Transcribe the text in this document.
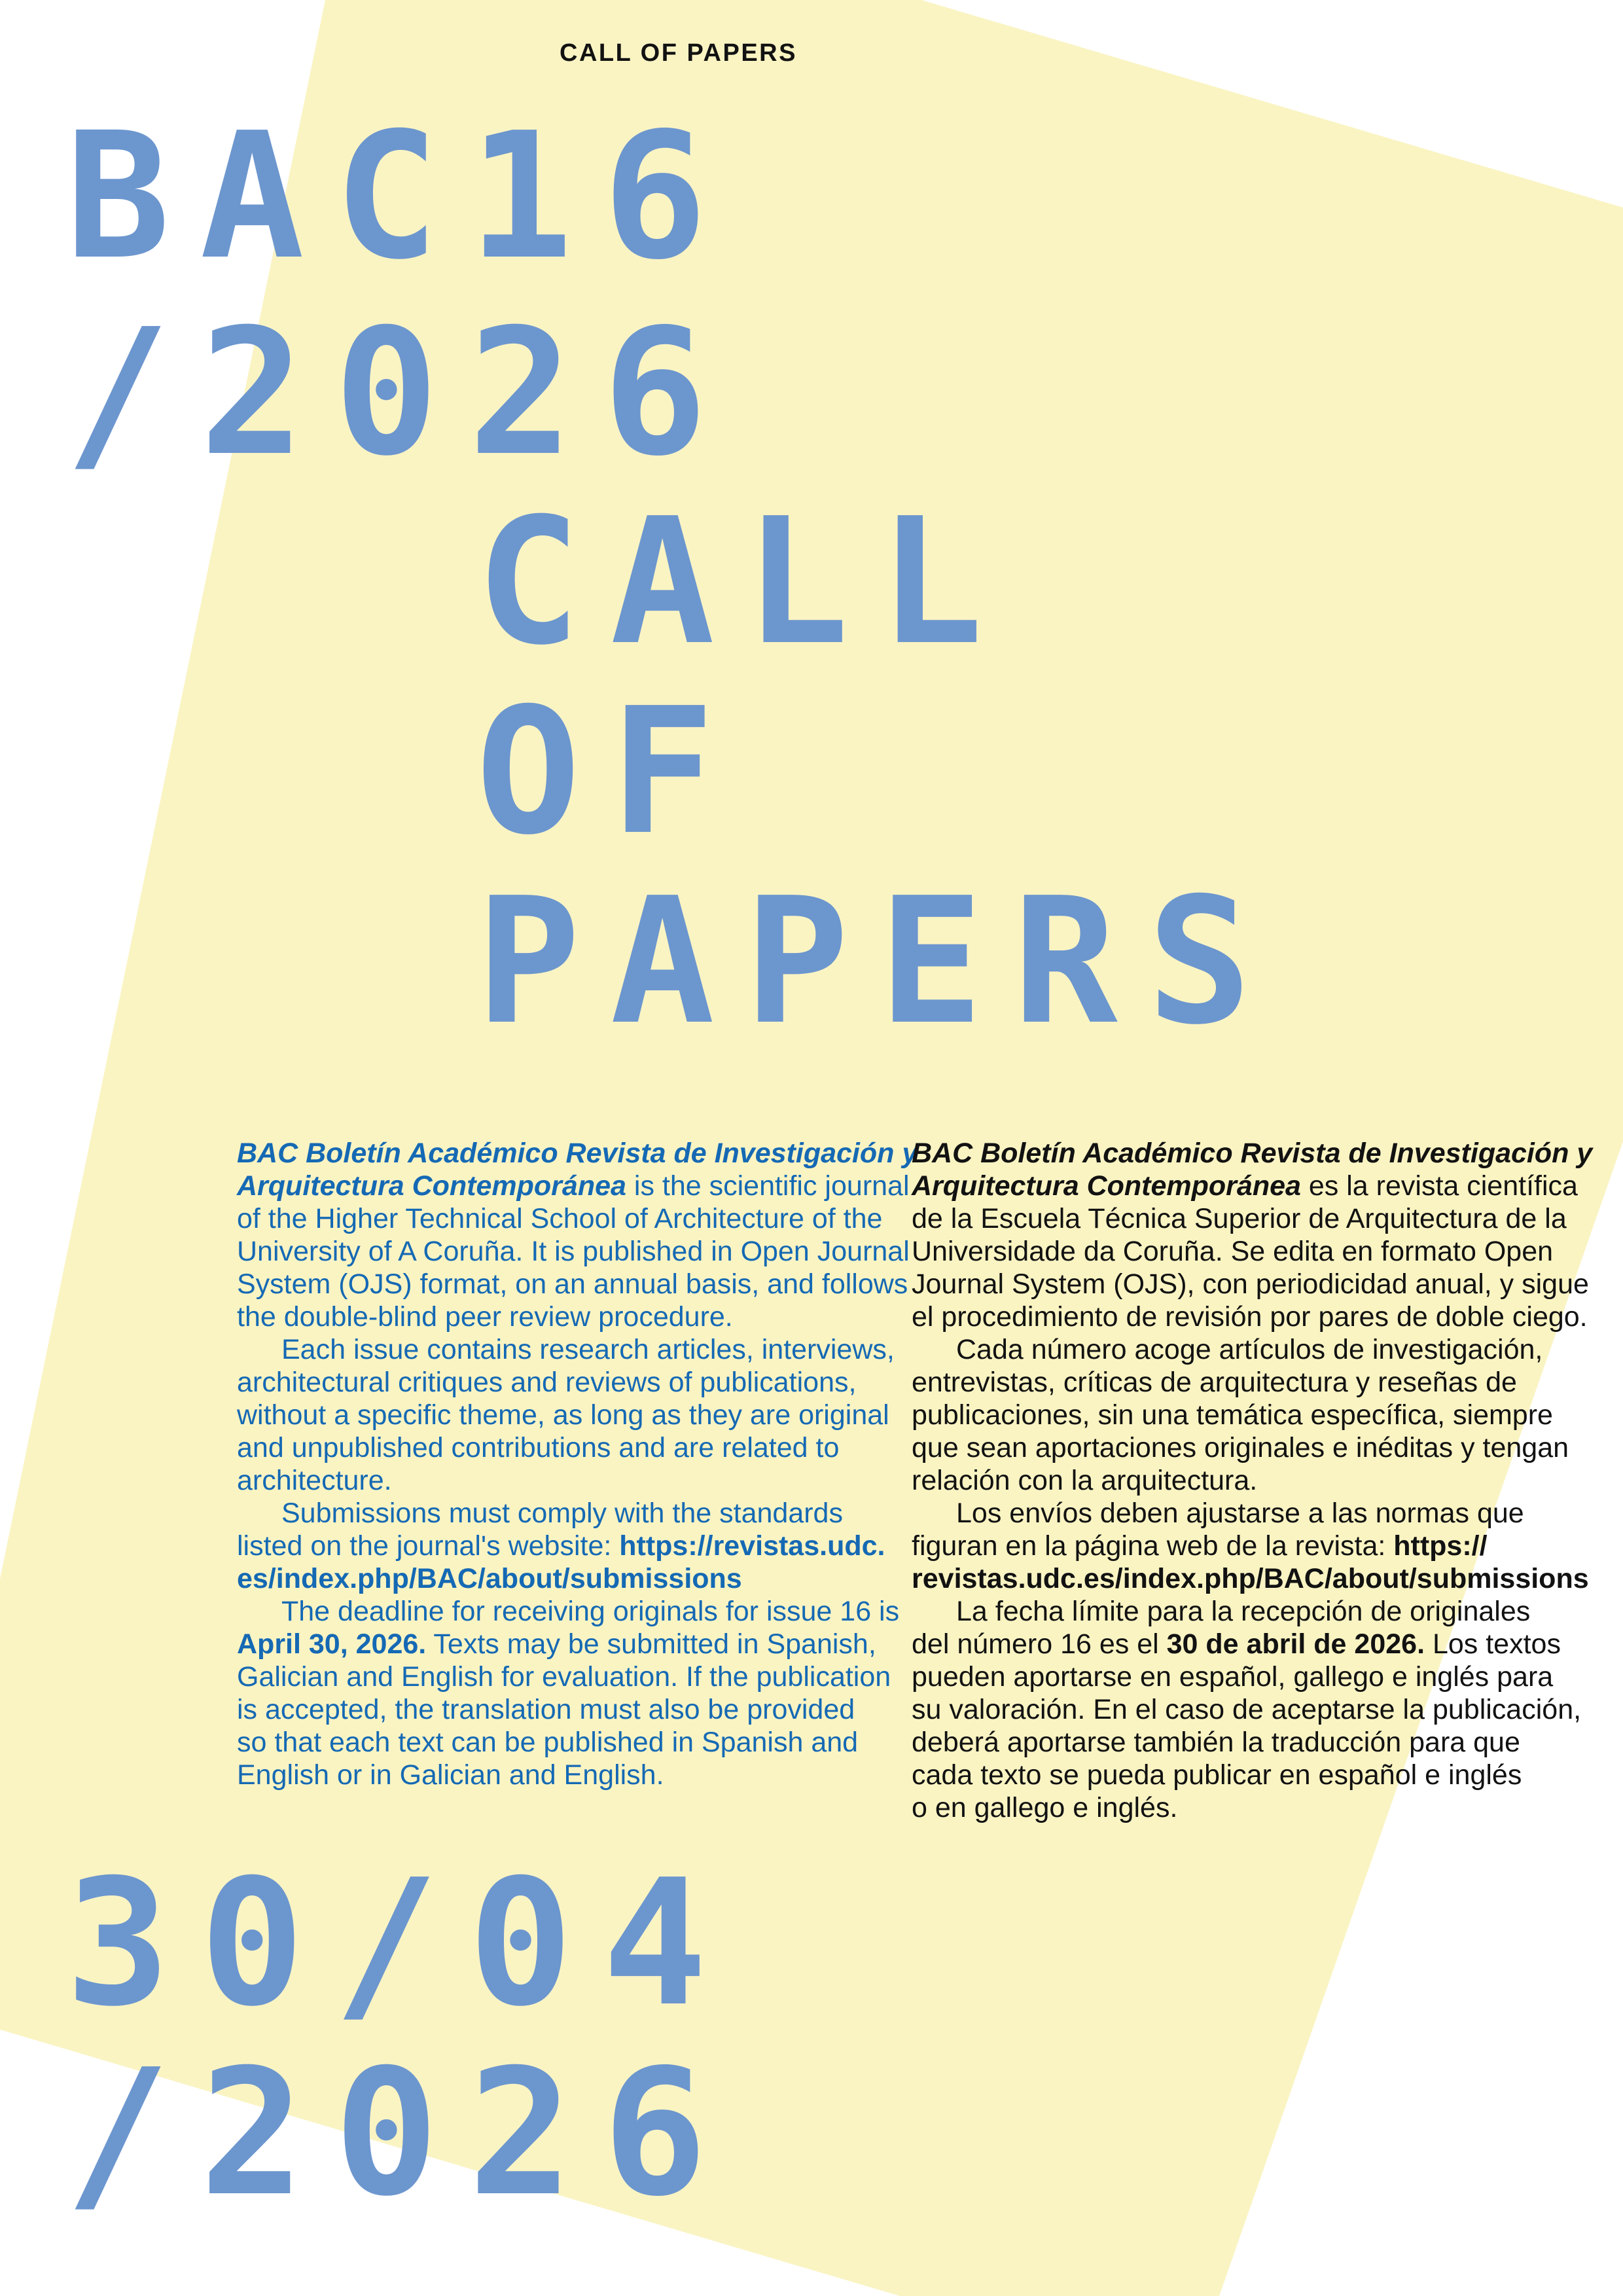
CALL OF PAPERS
BAC16
/2026
CALL
OF
PAPERS
BAC Boletín Académico Revista de Investigación y
Arquitectura Contemporánea is the scientific journal
of the Higher Technical School of Architecture of the
University of A Coruña. It is published in Open Journal
System (OJS) format, on an annual basis, and follows
the double-blind peer review procedure.
Each issue contains research articles, interviews,
architectural critiques and reviews of publications,
without a specific theme, as long as they are original
and unpublished contributions and are related to
architecture.
Submissions must comply with the standards
listed on the journal's website: https://revistas.udc.
es/index.php/BAC/about/submissions
The deadline for receiving originals for issue 16 is
April 30, 2026. Texts may be submitted in Spanish,
Galician and English for evaluation. If the publication
is accepted, the translation must also be provided
so that each text can be published in Spanish and
English or in Galician and English.
BAC Boletín Académico Revista de Investigación y
Arquitectura Contemporánea es la revista científica
de la Escuela Técnica Superior de Arquitectura de la
Universidade da Coruña. Se edita en formato Open
Journal System (OJS), con periodicidad anual, y sigue
el procedimiento de revisión por pares de doble ciego.
Cada número acoge artículos de investigación,
entrevistas, críticas de arquitectura y reseñas de
publicaciones, sin una temática específica, siempre
que sean aportaciones originales e inéditas y tengan
relación con la arquitectura.
Los envíos deben ajustarse a las normas que
figuran en la página web de la revista: https://
revistas.udc.es/index.php/BAC/about/submissions
La fecha límite para la recepción de originales
del número 16 es el 30 de abril de 2026. Los textos
pueden aportarse en español, gallego e inglés para
su valoración. En el caso de aceptarse la publicación,
deberá aportarse también la traducción para que
cada texto se pueda publicar en español e inglés
o en gallego e inglés.
30/04
/2026
